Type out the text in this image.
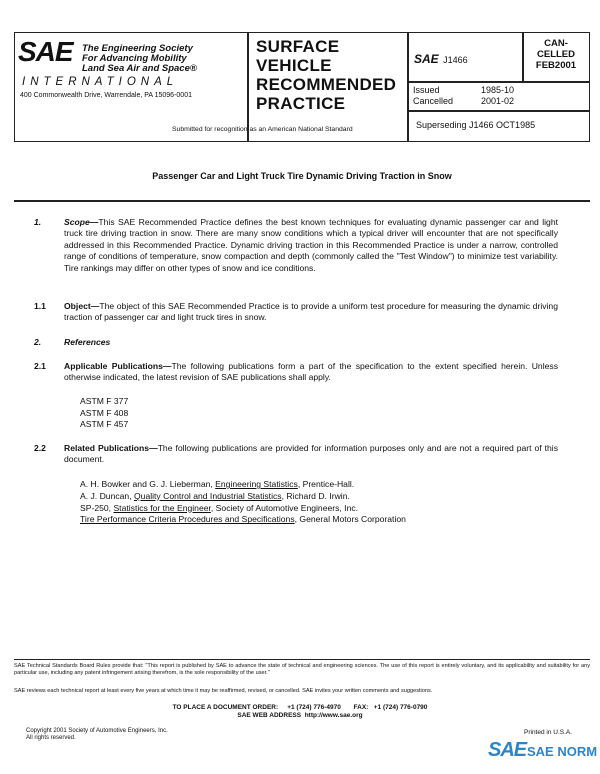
SAE The Engineering Society
For Advancing Mobility
Land Sea Air and Space®
INTERNATIONAL
400 Commonwealth Drive, Warrendale, PA 15096-0001
SURFACE
VEHICLE
RECOMMENDED
PRACTICE
Submitted for recognition as an American National Standard
SAE J1466
CAN-
CELLED
FEB2001
Issued	1985-10
Cancelled	2001-02
Superseding J1466 OCT1985
Passenger Car and Light Truck Tire Dynamic Driving Traction in Snow
1.	Scope—This SAE Recommended Practice defines the best known techniques for evaluating dynamic passenger car and light truck tire driving traction in snow. There are many snow conditions which a typical driver will encounter that are not specifically addressed in this Recommended Practice. Dynamic driving traction in this Recommended Practice is under a narrow, controlled range of conditions of temperature, snow compaction and depth (commonly called the "Test Window") to minimize test variability. Tire rankings may differ on other types of snow and ice conditions.
1.1 Object—The object of this SAE Recommended Practice is to provide a uniform test procedure for measuring the dynamic driving traction of passenger car and light truck tires in snow.
2.	References
2.1 Applicable Publications—The following publications form a part of the specification to the extent specified herein. Unless otherwise indicated, the latest revision of SAE publications shall apply.
ASTM F 377
ASTM F 408
ASTM F 457
2.2 Related Publications—The following publications are provided for information purposes only and are not a required part of this document.
A. H. Bowker and G. J. Lieberman, Engineering Statistics, Prentice-Hall.
A. J. Duncan, Quality Control and Industrial Statistics, Richard D. Irwin.
SP-250, Statistics for the Engineer, Society of Automotive Engineers, Inc.
Tire Performance Criteria Procedures and Specifications, General Motors Corporation
SAE Technical Standards Board Rules provide that: "This report is published by SAE to advance the state of technical and engineering sciences. The use of this report is entirely voluntary, and its applicability and suitability for any particular use, including any patent infringement arising therefrom, is the sole responsibility of the user."
SAE reviews each technical report at least every five years at which time it may be reaffirmed, revised, or cancelled. SAE invites your written comments and suggestions.
TO PLACE A DOCUMENT ORDER: +1 (724) 776-4970 FAX: +1 (724) 776-0790
SAE WEB ADDRESS http://www.sae.org
Copyright 2001 Society of Automotive Engineers, Inc.
All rights reserved.
Printed in U.S.A.
SAE SAE NORM
